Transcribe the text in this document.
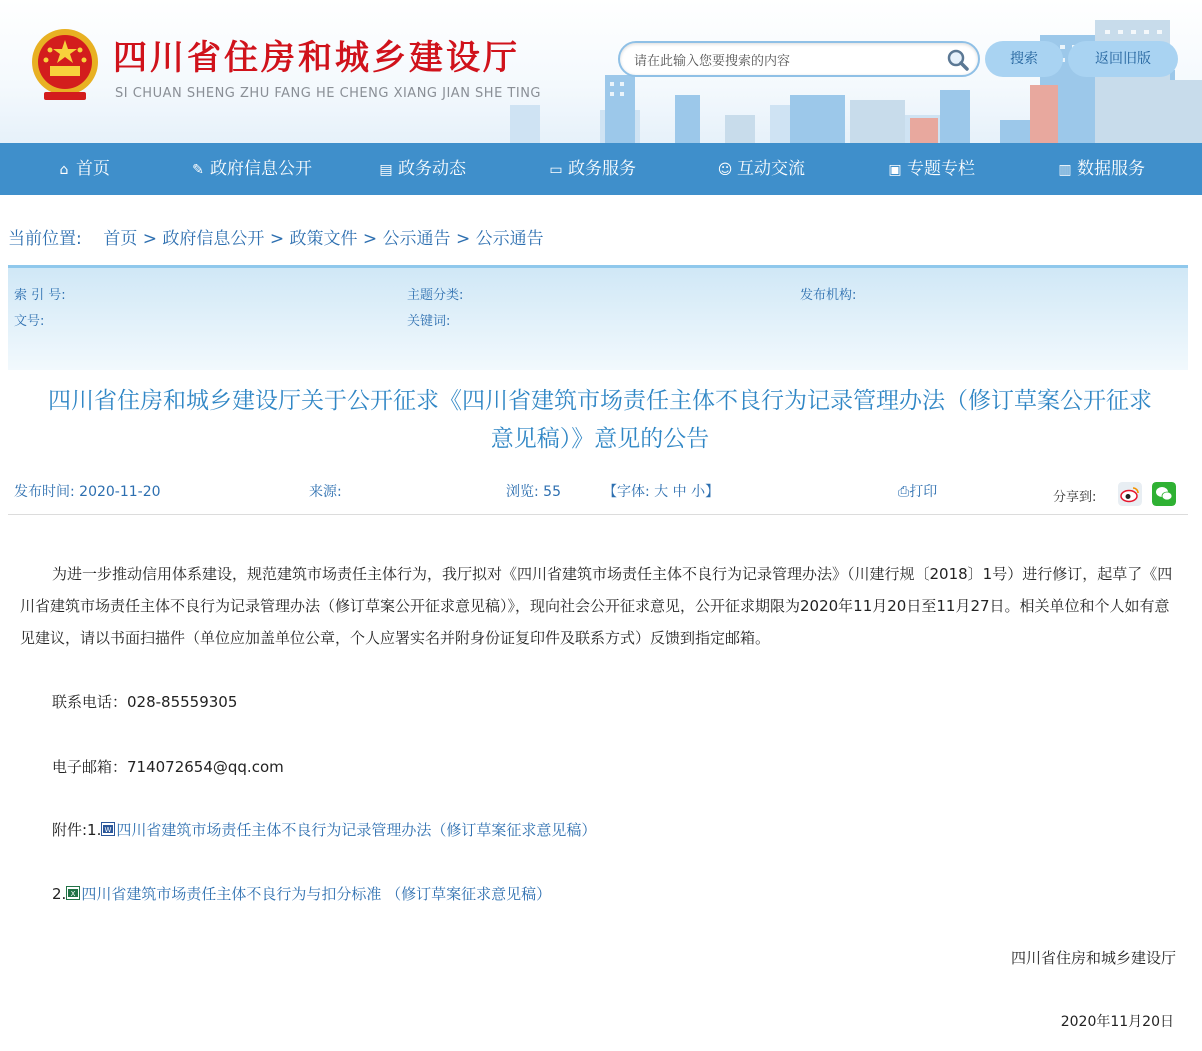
四川省住房和城乡建设厅
SI CHUAN SHENG ZHU FANG HE CHENG XIANG JIAN SHE TING
请在此输入您要搜索的内容
搜索	返回旧版
⌂ 首页	✎ 政府信息公开	▤ 政务动态	▭ 政务服务	☺ 互动交流	▣ 专题专栏	▥ 数据服务
当前位置: 首页 > 政府信息公开 > 政策文件 > 公示通告 > 公示通告
索 引 号:	主题分类:	发布机构:
文号:	关键词:
四川省住房和城乡建设厅关于公开征求《四川省建筑市场责任主体不良行为记录管理办法（修订草案公开征求
意见稿）》意见的公告
发布时间: 2020-11-20	来源:	浏览: 55	【字体: 大 中 小】	⎙打印	分享到:
为进一步推动信用体系建设，规范建筑市场责任主体行为，我厅拟对《四川省建筑市场责任主体不良行为记录管理办法》（川建行规〔2018〕1号）进行修订，起草了《四川省建筑市场责任主体不良行为记录管理办法（修订草案公开征求意见稿）》，现向社会公开征求意见，公开征求期限为2020年11月20日至11月27日。相关单位和个人如有意见建议，请以书面扫描件（单位应加盖单位公章，个人应署实名并附身份证复印件及联系方式）反馈到指定邮箱。
联系电话：028-85559305
电子邮箱：714072654@qq.com
附件:1. W 四川省建筑市场责任主体不良行为记录管理办法（修订草案征求意见稿）
2. X 四川省建筑市场责任主体不良行为与扣分标准 （修订草案征求意见稿）
四川省住房和城乡建设厅
2020年11月20日
